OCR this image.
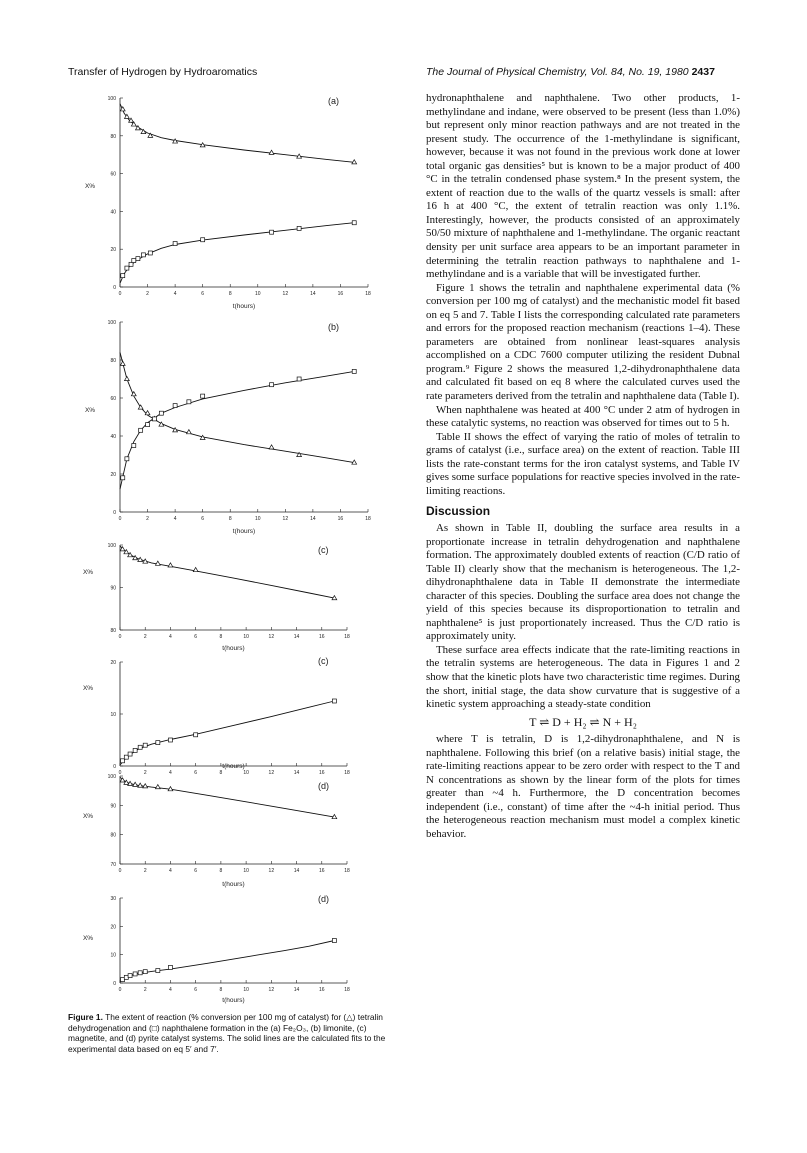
Transfer of Hydrogen by Hydroaromatics	The Journal of Physical Chemistry, Vol. 84, No. 19, 1980 2437
0	2	4	6	8	10	12	14	16	18
0
20
40
60
80
100
t(hours)
X%
(a)
0	2	4	6	8	10	12	14	16	18
0
20
40
60
80
100
t(hours)
X%
(b)
0	2	4	6	8	10	12	14	16	18
80
90
100
t(hours)
X%
(c)
0	2	4	6	8	10	12	14	16	18
0
10
20
t(hours)
X%
(c)
0	2	4	6	8	10	12	14	16	18
70
80
90
100
t(hours)
X%
(d)
0	2	4	6	8	10	12	14	16	18
0
10
20
30
t(hours)
X%
(d)
Figure 1. The extent of reaction (% conversion per 100 mg of catalyst) for (△) tetralin dehydrogenation and (□) naphthalene formation in the (a) Fe₂O₃, (b) limonite, (c) magnetite, and (d) pyrite catalyst systems. The solid lines are the calculated fits to the experimental data based on eq 5′ and 7′.

hydronaphthalene and naphthalene. Two other products, 1-methylindane and indane, were observed to be present (less than 1.0%) but represent only minor reaction pathways and are not treated in the present study. The occurrence of the 1-methylindane is significant, however, because it was not found in the previous work done at lower total organic gas densities⁵ but is known to be a major product of 400 °C in the tetralin condensed phase system.⁸ In the present system, the extent of reaction due to the walls of the quartz vessels is small: after 16 h at 400 °C, the extent of tetralin reaction was only 1.1%. Interestingly, however, the products consisted of an approximately 50/50 mixture of naphthalene and 1-methylindane. The organic reactant density per unit surface area appears to be an important parameter in determining the tetralin reaction pathways to naphthalene and 1-methylindane and is a variable that will be investigated further.

Figure 1 shows the tetralin and naphthalene experimental data (% conversion per 100 mg of catalyst) and the mechanistic model fit based on eq 5 and 7. Table I lists the corresponding calculated rate parameters and errors for the proposed reaction mechanism (reactions 1–4). These parameters are obtained from nonlinear least-squares analysis accomplished on a CDC 7600 computer utilizing the resident Dubnal program.⁹ Figure 2 shows the measured 1,2-dihydronaphthalene data and calculated fit based on eq 8 where the calculated curves used the rate parameters derived from the tetralin and naphthalene data (Table I).

When naphthalene was heated at 400 °C under 2 atm of hydrogen in these catalytic systems, no reaction was observed for times out to 5 h.

Table II shows the effect of varying the ratio of moles of tetralin to grams of catalyst (i.e., surface area) on the extent of reaction. Table III lists the rate-constant terms for the iron catalyst systems, and Table IV gives some surface populations for reactive species involved in the rate-limiting reactions.

Discussion

As shown in Table II, doubling the surface area results in a proportionate increase in tetralin dehydrogenation and naphthalene formation. The approximately doubled extents of reaction (C/D ratio of Table II) clearly show that the mechanism is heterogeneous. The 1,2-dihydronaphthalene data in Table II demonstrate the intermediate character of this species. Doubling the surface area does not change the yield of this species because its disproportionation to tetralin and naphthalene⁵ is just proportionately increased. Thus the C/D ratio is approximately unity.

These surface area effects indicate that the rate-limiting reactions in the tetralin systems are heterogeneous. The data in Figures 1 and 2 show that the kinetic plots have two characteristic time regimes. During the short, initial stage, the data show curvature that is suggestive of a kinetic system approaching a steady-state condition

T ⇌ D + H₂ ⇌ N + H₂

where T is tetralin, D is 1,2-dihydronaphthalene, and N is naphthalene. Following this brief (on a relative basis) initial stage, the rate-limiting reactions appear to be zero order with respect to the T and N concentrations as shown by the linear form of the plots for times greater than ~4 h. Furthermore, the D concentration becomes independent (i.e., constant) of time after the ~4-h initial period. Thus the heterogeneous reaction mechanism must model a complex kinetic behavior.
